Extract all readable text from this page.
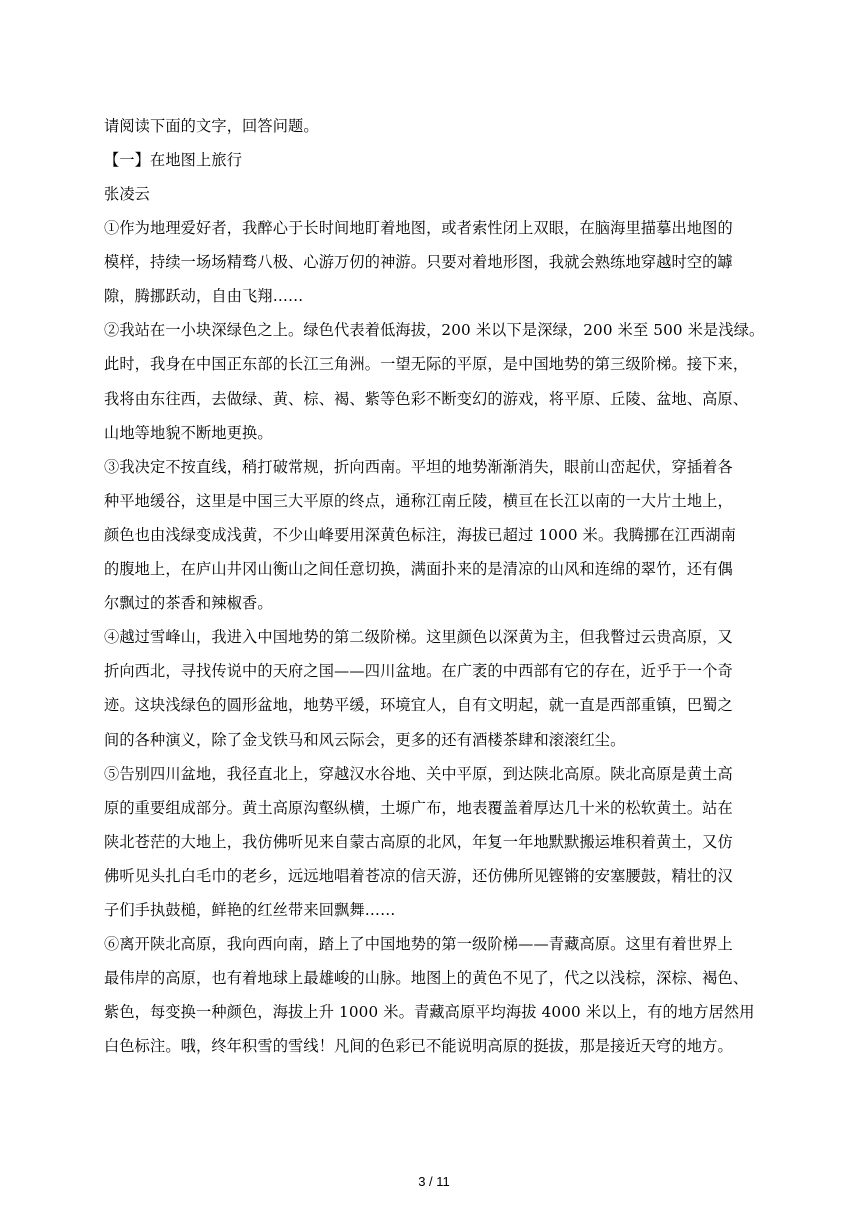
请阅读下面的文字，回答问题。
【一】在地图上旅行
张凌云
①作为地理爱好者，我醉心于长时间地盯着地图，或者索性闭上双眼，在脑海里描摹出地图的
模样，持续一场场精骛八极、心游万仞的神游。只要对着地形图，我就会熟练地穿越时空的罅
隙，腾挪跃动，自由飞翔……
②我站在一小块深绿色之上。绿色代表着低海拔，200 米以下是深绿，200 米至 500 米是浅绿。
此时，我身在中国正东部的长江三角洲。一望无际的平原，是中国地势的第三级阶梯。接下来，
我将由东往西，去做绿、黄、棕、褐、紫等色彩不断变幻的游戏，将平原、丘陵、盆地、高原、
山地等地貌不断地更换。
③我决定不按直线，稍打破常规，折向西南。平坦的地势渐渐消失，眼前山峦起伏，穿插着各
种平地缓谷，这里是中国三大平原的终点，通称江南丘陵，横亘在长江以南的一大片土地上，
颜色也由浅绿变成浅黄，不少山峰要用深黄色标注，海拔已超过 1000 米。我腾挪在江西湖南
的腹地上，在庐山井冈山衡山之间任意切换，满面扑来的是清凉的山风和连绵的翠竹，还有偶
尔飘过的茶香和辣椒香。
④越过雪峰山，我进入中国地势的第二级阶梯。这里颜色以深黄为主，但我瞥过云贵高原，又
折向西北，寻找传说中的天府之国——四川盆地。在广袤的中西部有它的存在，近乎于一个奇
迹。这块浅绿色的圆形盆地，地势平缓，环境宜人，自有文明起，就一直是西部重镇，巴蜀之
间的各种演义，除了金戈铁马和风云际会，更多的还有酒楼茶肆和滚滚红尘。
⑤告别四川盆地，我径直北上，穿越汉水谷地、关中平原，到达陕北高原。陕北高原是黄土高
原的重要组成部分。黄土高原沟壑纵横，土塬广布，地表覆盖着厚达几十米的松软黄土。站在
陕北苍茫的大地上，我仿佛听见来自蒙古高原的北风，年复一年地默默搬运堆积着黄土，又仿
佛听见头扎白毛巾的老乡，远远地唱着苍凉的信天游，还仿佛所见铿锵的安塞腰鼓，精壮的汉
子们手执鼓槌，鲜艳的红丝带来回飘舞……
⑥离开陕北高原，我向西向南，踏上了中国地势的第一级阶梯——青藏高原。这里有着世界上
最伟岸的高原，也有着地球上最雄峻的山脉。地图上的黄色不见了，代之以浅棕，深棕、褐色、
紫色，每变换一种颜色，海拔上升 1000 米。青藏高原平均海拔 4000 米以上，有的地方居然用
白色标注。哦，终年积雪的雪线！凡间的色彩已不能说明高原的挺拔，那是接近天穹的地方。
3 / 11
